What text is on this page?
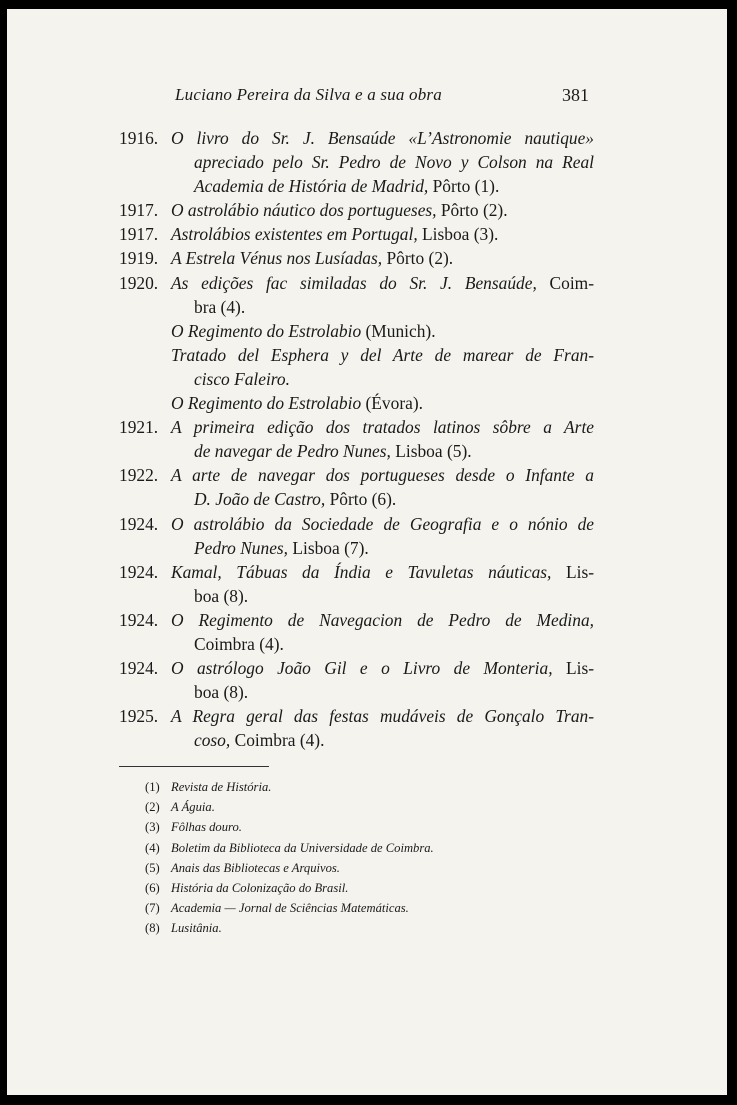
Luciano Pereira da Silva e a sua obra	381
1916. O livro do Sr. J. Bensaúde «L’Astronomie nautique»
apreciado pelo Sr. Pedro de Novo y Colson na Real
Academia de História de Madrid, Pôrto (1).
1917. O astrolábio náutico dos portugueses, Pôrto (2).
1917. Astrolábios existentes em Portugal, Lisboa (3).
1919. A Estrela Vénus nos Lusíadas, Pôrto (2).
1920. As edições fac similadas do Sr. J. Bensaúde, Coim-
bra (4).
O Regimento do Estrolabio (Munich).
Tratado del Esphera y del Arte de marear de Fran-
cisco Faleiro.
O Regimento do Estrolabio (Évora).
1921. A primeira edição dos tratados latinos sôbre a Arte
de navegar de Pedro Nunes, Lisboa (5).
1922. A arte de navegar dos portugueses desde o Infante a
D. João de Castro, Pôrto (6).
1924. O astrolábio da Sociedade de Geografia e o nónio de
Pedro Nunes, Lisboa (7).
1924. Kamal, Tábuas da Índia e Tavuletas náuticas, Lis-
boa (8).
1924. O Regimento de Navegacion de Pedro de Medina,
Coimbra (4).
1924. O astrólogo João Gil e o Livro de Monteria, Lis-
boa (8).
1925. A Regra geral das festas mudáveis de Gonçalo Tran-
coso, Coimbra (4).
(1) Revista de História.
(2) A Águia.
(3) Fôlhas douro.
(4) Boletim da Biblioteca da Universidade de Coimbra.
(5) Anais das Bibliotecas e Arquivos.
(6) História da Colonização do Brasil.
(7) Academia — Jornal de Sciências Matemáticas.
(8) Lusitânia.
